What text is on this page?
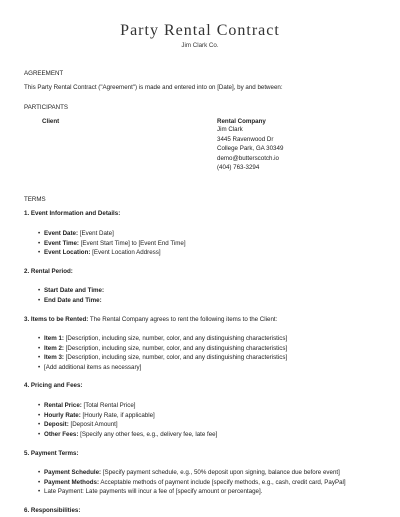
Party Rental Contract
Jim Clark Co.
AGREEMENT
This Party Rental Contract ("Agreement") is made and entered into on [Date], by and between:
PARTICIPANTS
Client	Rental Company
Jim Clark
3445 Ravenwood Dr
College Park, GA 30349
demo@butterscotch.io
(404) 763-3294
TERMS
1. Event Information and Details:
• Event Date: [Event Date]
• Event Time: [Event Start Time] to [Event End Time]
• Event Location: [Event Location Address]
2. Rental Period:
• Start Date and Time:
• End Date and Time:
3. Items to be Rented: The Rental Company agrees to rent the following items to the Client:
• Item 1: [Description, including size, number, color, and any distinguishing characteristics]
• Item 2: [Description, including size, number, color, and any distinguishing characteristics]
• Item 3: [Description, including size, number, color, and any distinguishing characteristics]
• [Add additional items as necessary]
4. Pricing and Fees:
• Rental Price: [Total Rental Price]
• Hourly Rate: [Hourly Rate, if applicable]
• Deposit: [Deposit Amount]
• Other Fees: [Specify any other fees, e.g., delivery fee, late fee]
5. Payment Terms:
• Payment Schedule: [Specify payment schedule, e.g., 50% deposit upon signing, balance due before event]
• Payment Methods: Acceptable methods of payment include [specify methods, e.g., cash, credit card, PayPal]
• Late Payment: Late payments will incur a fee of [specify amount or percentage].
6. Responsibilities:
